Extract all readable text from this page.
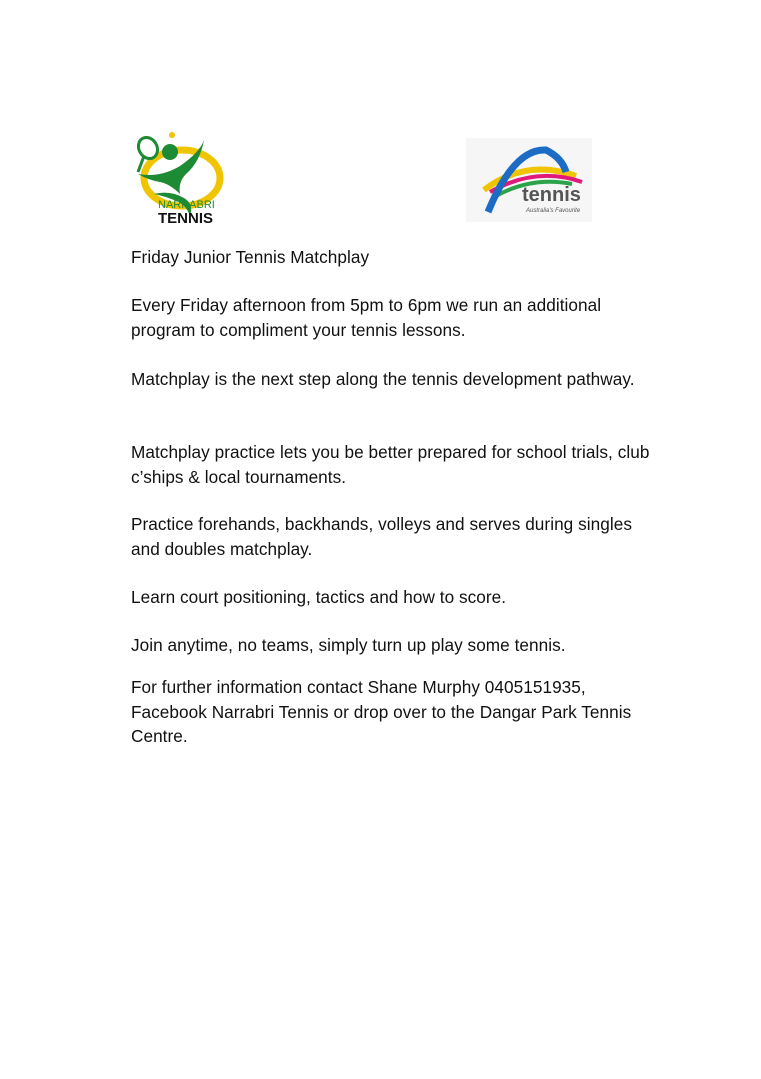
NARRABRI
TENNIS
tennis
Australia's Favourite

Friday Junior Tennis Matchplay

Every Friday afternoon from 5pm to 6pm we run an additional program to compliment your tennis lessons.

Matchplay is the next step along the tennis development pathway.

Matchplay practice lets you be better prepared for school trials, club c’ships & local tournaments.

Practice forehands, backhands, volleys and serves during singles and doubles matchplay.

Learn court positioning, tactics and how to score.

Join anytime, no teams, simply turn up play some tennis.

For further information contact Shane Murphy 0405151935, Facebook Narrabri Tennis or drop over to the Dangar Park Tennis Centre.
